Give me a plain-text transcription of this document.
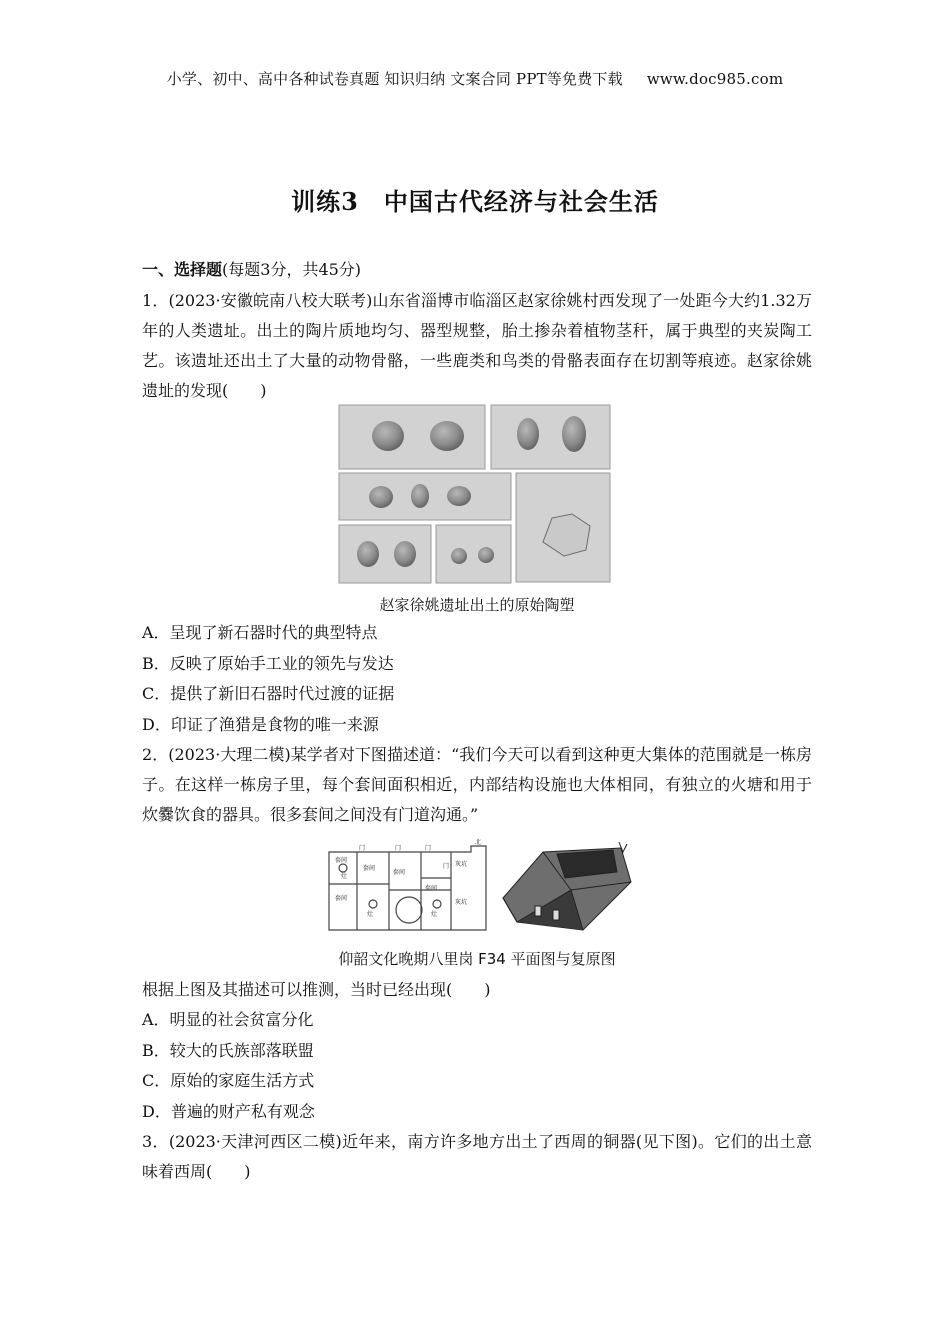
小学、初中、高中各种试卷真题 知识归纳 文案合同 PPT等免费下载 www.doc985.com
训练3　中国古代经济与社会生活
一、选择题(每题3分，共45分)
1．(2023·安徽皖南八校大联考)山东省淄博市临淄区赵家徐姚村西发现了一处距今大约1.32万年的人类遗址。出土的陶片质地均匀、器型规整，胎土掺杂着植物茎秆，属于典型的夹炭陶工艺。该遗址还出土了大量的动物骨骼，一些鹿类和鸟类的骨骼表面存在切割等痕迹。赵家徐姚遗址的发现(　　)
赵家徐姚遗址出土的原始陶塑
A．呈现了新石器时代的典型特点
B．反映了原始手工业的领先与发达
C．提供了新旧石器时代过渡的证据
D．印证了渔猎是食物的唯一来源
2．(2023·大理二模)某学者对下图描述道：“我们今天可以看到这种更大集体的范围就是一栋房子。在这样一栋房子里，每个套间面积相近，内部结构设施也大体相同，有独立的火塘和用于炊爨饮食的器具。很多套间之间没有门道沟通。”
门	门	门
门
套间
套间
套间
套间
套间
灰坑
灰坑
灶
灶
灶
北
仰韶文化晚期八里岗 F34 平面图与复原图
根据上图及其描述可以推测，当时已经出现(　　)
A．明显的社会贫富分化
B．较大的氏族部落联盟
C．原始的家庭生活方式
D．普遍的财产私有观念
3．(2023·天津河西区二模)近年来，南方许多地方出土了西周的铜器(见下图)。它们的出土意味着西周(　　)
